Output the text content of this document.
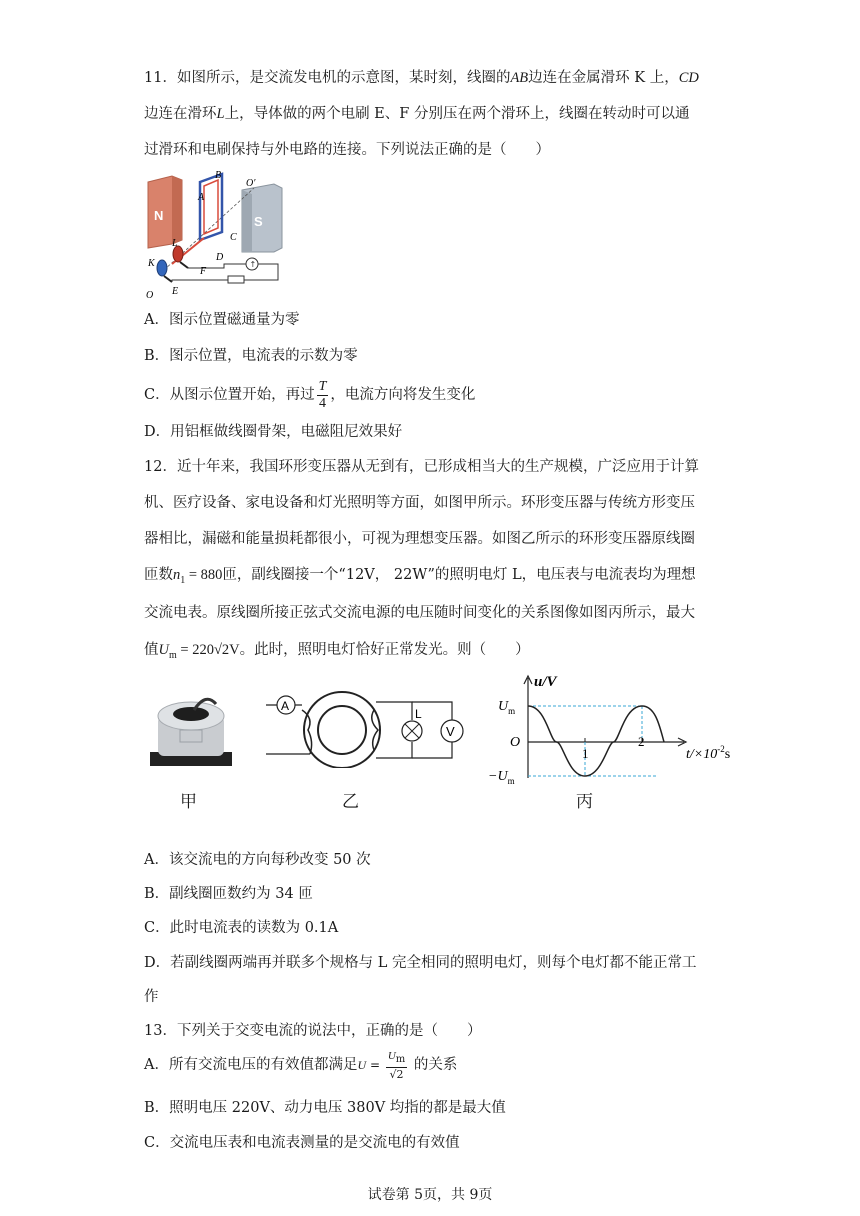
11．如图所示，是交流发电机的示意图，某时刻，线圈的AB边连在金属滑环 K 上，CD
边连在滑环L上，导体做的两个电刷 E、F 分别压在两个滑环上，线圈在转动时可以通
过滑环和电刷保持与外电路的连接。下列说法正确的是（　　）
N	S
↑
B
A
O′
L
C
D
K
F
O E
A．图示位置磁通量为零
B．图示位置，电流表的示数为零
C．从图示位置开始，再过 $\frac{T}{4}$ ，电流方向将发生变化
D．用铝框做线圈骨架，电磁阻尼效果好
12．近十年来，我国环形变压器从无到有，已形成相当大的生产规模，广泛应用于计算
机、医疗设备、家电设备和灯光照明等方面，如图甲所示。环形变压器与传统方形变压
器相比，漏磁和能量损耗都很小，可视为理想变压器。如图乙所示的环形变压器原线圈
匝数$n_1 = 880$匝，副线圈接一个“12V， 22W”的照明电灯 L，电压表与电流表均为理想
交流电表。原线圈所接正弦式交流电源的电压随时间变化的关系图像如图丙所示，最大
值$U_m = 220√2V$。此时，照明电灯恰好正常发光。则（　　）
甲
A
L
V
乙
u/V
$U_m$
O
$-U_m$
1
2
$t/\times 10^{-2}s$
丙
A．该交流电的方向每秒改变 50 次
B．副线圈匝数约为 34 匝
C．此时电流表的读数为 0.1A
D．若副线圈两端再并联多个规格与 L 完全相同的照明电灯，则每个电灯都不能正常工
作
13．下列关于交变电流的说法中，正确的是（　　）
A．所有交流电压的有效值都满足$U = \frac{U_m}{√2}$ 的关系
B．照明电压 220V、动力电压 380V 均指的都是最大值
C．交流电压表和电流表测量的是交流电的有效值
试卷第 5页，共 9页
